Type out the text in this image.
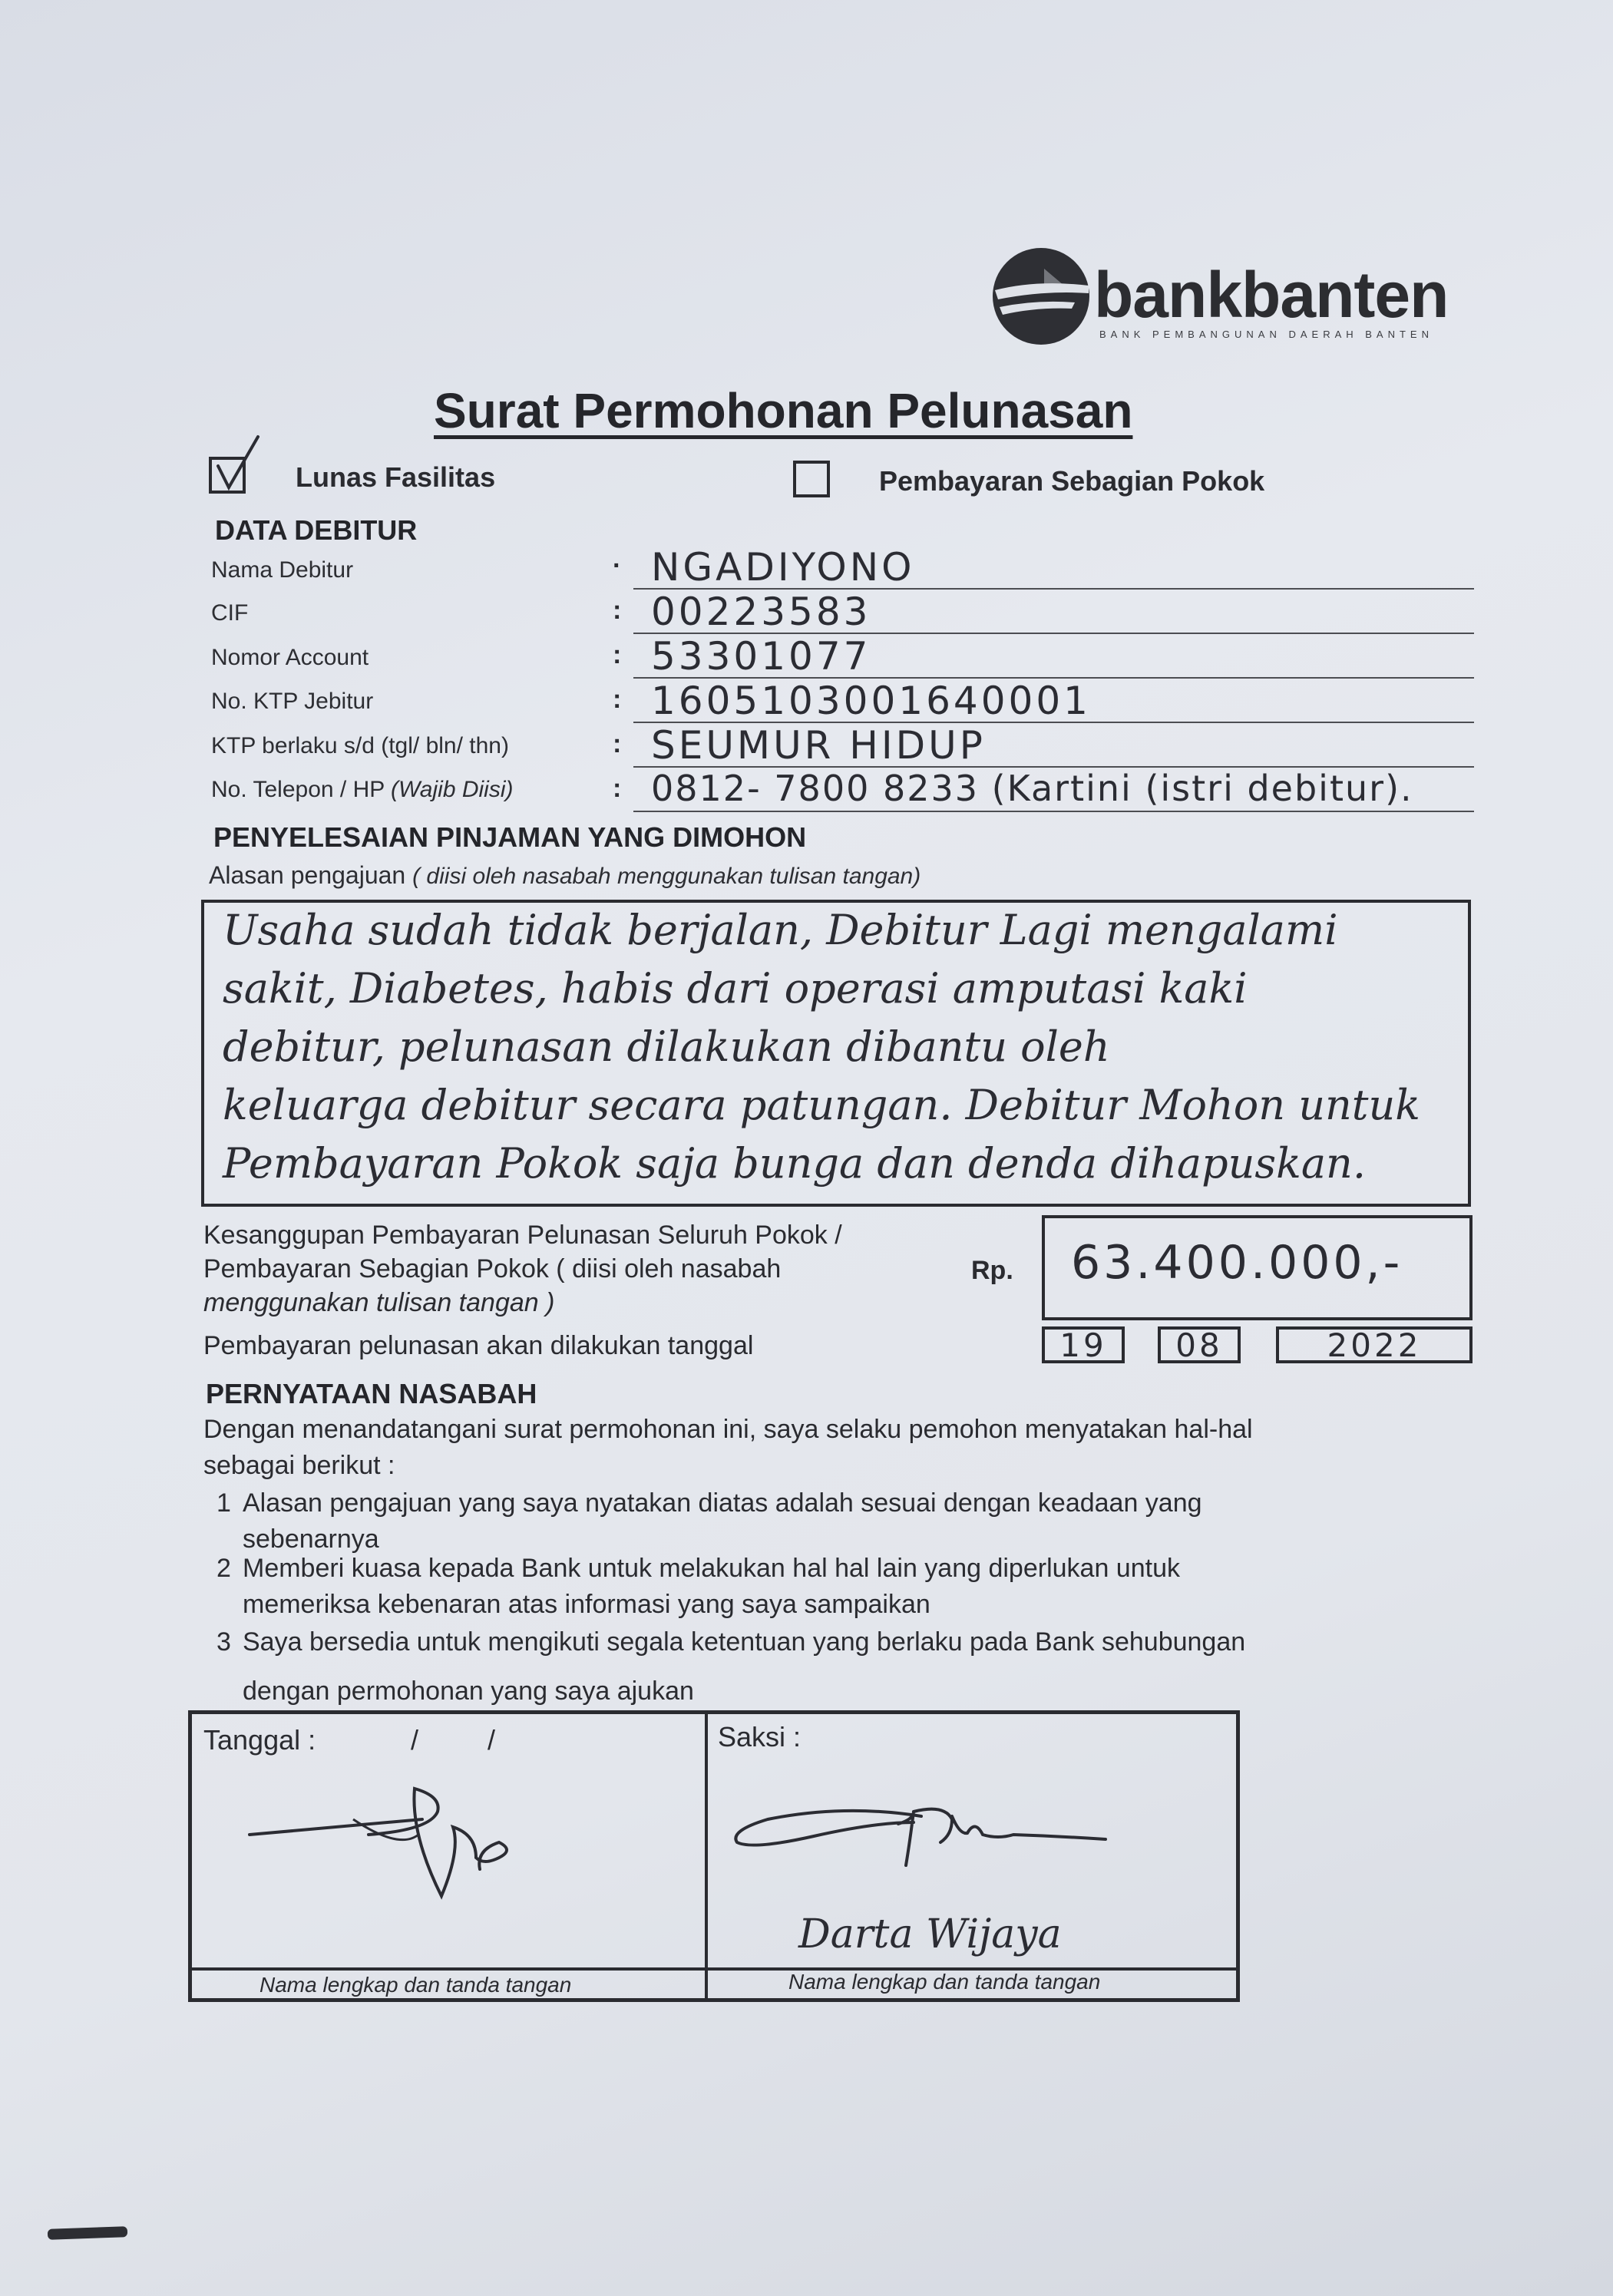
bankbanten
BANK PEMBANGUNAN DAERAH BANTEN
Surat Permohonan Pelunasan
Lunas Fasilitas	Pembayaran Sebagian Pokok
DATA DEBITUR
Nama Debitur	· NGADIYONO
CIF	: 00223583
Nomor Account	: 53301077
No. KTP Jebitur	: 1605103001640001
KTP berlaku s/d (tgl/ bln/ thn)	: SEUMUR HIDUP
No. Telepon / HP (Wajib Diisi)	: 0812- 7800 8233 (Kartini (istri debitur).
PENYELESAIAN PINJAMAN YANG DIMOHON
Alasan pengajuan ( diisi oleh nasabah menggunakan tulisan tangan)
Usaha sudah tidak berjalan, Debitur Lagi mengalami
sakit, Diabetes, habis dari operasi amputasi kaki
debitur, pelunasan dilakukan dibantu oleh
keluarga debitur secara patungan. Debitur Mohon untuk
Pembayaran Pokok saja bunga dan denda dihapuskan.
Kesanggupan Pembayaran Pelunasan Seluruh Pokok /
Pembayaran Sebagian Pokok ( diisi oleh nasabah
menggunakan tulisan tangan )
Rp. 63.400.000,-
Pembayaran pelunasan akan dilakukan tanggal	19	08	2022
PERNYATAAN NASABAH
Dengan menandatangani surat permohonan ini, saya selaku pemohon menyatakan hal-hal
sebagai berikut :
1 Alasan pengajuan yang saya nyatakan diatas adalah sesuai dengan keadaan yang
sebenarnya
2 Memberi kuasa kepada Bank untuk melakukan hal hal lain yang diperlukan untuk
memeriksa kebenaran atas informasi yang saya sampaikan
3 Saya bersedia untuk mengikuti segala ketentuan yang berlaku pada Bank sehubungan
dengan permohonan yang saya ajukan
Tanggal :	/ /	Saksi :
Darta Wijaya
Nama lengkap dan tanda tangan	Nama lengkap dan tanda tangan
